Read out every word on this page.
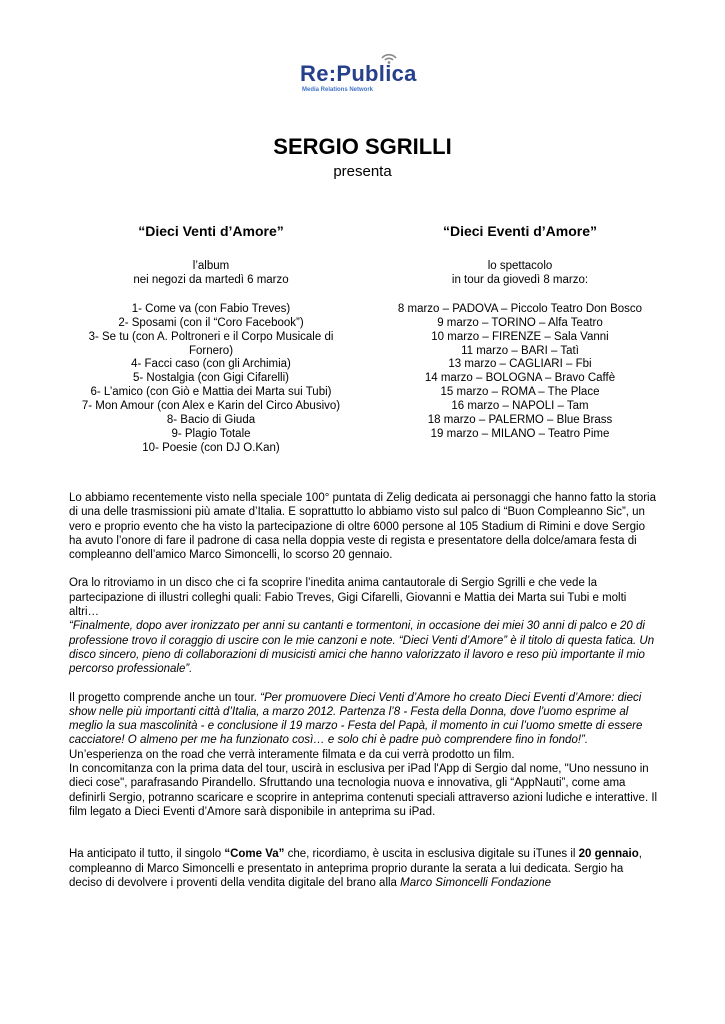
Re:Publica
Media Relations Network
SERGIO SGRILLI
presenta
“Dieci Venti d’Amore”

l’album

nei negozi da martedì 6 marzo

1- Come va (con Fabio Treves)
2- Sposami (con il “Coro Facebook”)
3- Se tu (con A. Poltroneri e il Corpo Musicale di Fornero)
4- Facci caso (con gli Archimia)
5- Nostalgia (con Gigi Cifarelli)
6- L’amico (con Giò e Mattia dei Marta sui Tubi)
7- Mon Amour (con Alex e Karin del Circo Abusivo)
8- Bacio di Giuda
9- Plagio Totale
10- Poesie (con DJ O.Kan)
“Dieci Eventi d’Amore”

lo spettacolo

in tour da giovedì 8 marzo:

8 marzo – PADOVA – Piccolo Teatro Don Bosco
9 marzo – TORINO – Alfa Teatro
10 marzo – FIRENZE – Sala Vanni
11 marzo – BARI – Tatì
13 marzo – CAGLIARI – Fbi
14 marzo – BOLOGNA – Bravo Caffè
15 marzo – ROMA – The Place
16 marzo – NAPOLI – Tam
18 marzo – PALERMO – Blue Brass
19 marzo – MILANO – Teatro Pime

Lo abbiamo recentemente visto nella speciale 100° puntata di Zelig dedicata ai personaggi che hanno fatto la storia di una delle trasmissioni più amate d’Italia. E soprattutto lo abbiamo visto sul palco di “Buon Compleanno Sic”, un vero e proprio evento che ha visto la partecipazione di oltre 6000 persone al 105 Stadium di Rimini e dove Sergio ha avuto l’onore di fare il padrone di casa nella doppia veste di regista e presentatore della dolce/amara festa di compleanno dell’amico Marco Simoncelli, lo scorso 20 gennaio.

Ora lo ritroviamo in un disco che ci fa scoprire l’inedita anima cantautorale di Sergio Sgrilli e che vede la partecipazione di illustri colleghi quali: Fabio Treves, Gigi Cifarelli, Giovanni e Mattia dei Marta sui Tubi e molti altri…

“Finalmente, dopo aver ironizzato per anni su cantanti e tormentoni, in occasione dei miei 30 anni di palco e 20 di professione trovo il coraggio di uscire con le mie canzoni e note. “Dieci Venti d’Amore” è il titolo di questa fatica. Un disco sincero, pieno di collaborazioni di musicisti amici che hanno valorizzato il lavoro e reso più importante il mio percorso professionale”.

Il progetto comprende anche un tour. “Per promuovere Dieci Venti d’Amore ho creato Dieci Eventi d’Amore: dieci show nelle più importanti città d’Italia, a marzo 2012. Partenza l’8 - Festa della Donna, dove l’uomo esprime al meglio la sua mascolinità - e conclusione il 19 marzo - Festa del Papà, il momento in cui l’uomo smette di essere cacciatore! O almeno per me ha funzionato così… e solo chi è padre può comprendere fino in fondo!”.

Un’esperienza on the road che verrà interamente filmata e da cui verrà prodotto un film.

In concomitanza con la prima data del tour, uscirà in esclusiva per iPad l'App di Sergio dal nome, "Uno nessuno in dieci cose", parafrasando Pirandello. Sfruttando una tecnologia nuova e innovativa, gli “AppNauti”, come ama definirli Sergio, potranno scaricare e scoprire in anteprima contenuti speciali attraverso azioni ludiche e interattive. Il film legato a Dieci Eventi d’Amore sarà disponibile in anteprima su iPad.

Ha anticipato il tutto, il singolo “Come Va” che, ricordiamo, è uscita in esclusiva digitale su iTunes il 20 gennaio, compleanno di Marco Simoncelli e presentato in anteprima proprio durante la serata a lui dedicata. Sergio ha deciso di devolvere i proventi della vendita digitale del brano alla Marco Simoncelli Fondazione
